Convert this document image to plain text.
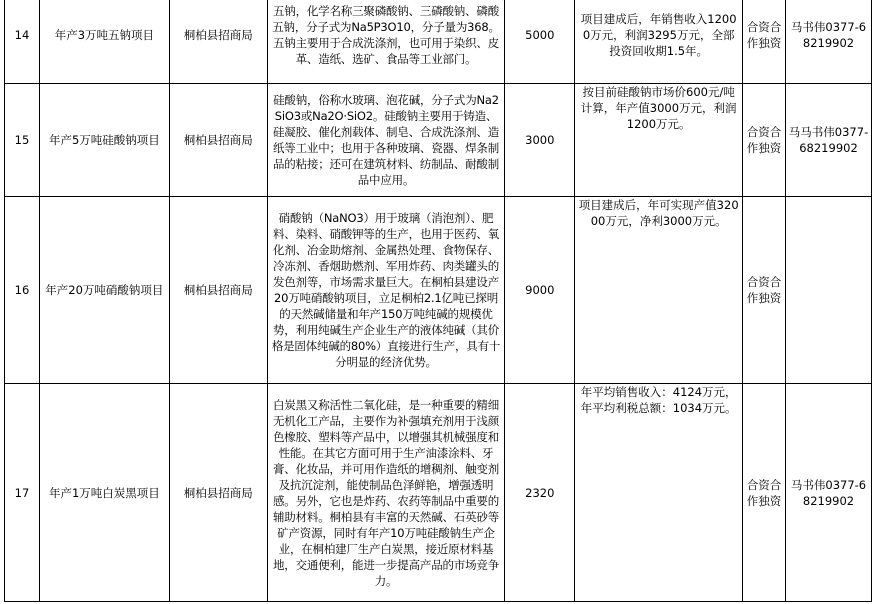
14	年产3万吨五钠项目	桐柏县招商局	五钠，化学名称三聚磷酸钠、三磷酸钠、磷酸五钠，分子式为Na5P3O10，分子量为368。五钠主要用于合成洗涤剂，也可用于染织、皮革、造纸、选矿、食品等工业部门。	5000	项目建成后，年销售收入12000万元，利润3295万元，全部投资回收期1.5年。	合资合作独资	马书伟0377-68219902
15	年产5万吨硅酸钠项目	桐柏县招商局	硅酸钠，俗称水玻璃、泡花碱，分子式为Na2 SiO3或Na2O·SiO2。硅酸钠主要用于铸造、硅凝胶、催化剂载体、制皂、合成洗涤剂、造纸等工业中；也用于各种玻璃、瓷器、焊条制品的粘接；还可在建筑材料、纺制品、耐酸制品中应用。	3000	按目前硅酸钠市场价600元/吨计算，年产值3000万元，利润1200万元。	合资合作独资	马马书伟0377-68219902
16	年产20万吨硝酸钠项目	桐柏县招商局	硝酸钠（NaNO3）用于玻璃（消泡剂）、肥料、染料、硝酸钾等的生产，也用于医药、氧化剂、冶金助熔剂、金属热处理、食物保存、冷冻剂、香烟助燃剂、军用炸药、肉类罐头的发色剂等，市场需求量巨大。在桐柏县建设产20万吨硝酸钠项目，立足桐柏2.1亿吨已探明的天然碱储量和年产150万吨纯碱的规模优势，利用纯碱生产企业生产的液体纯碱（其价格是固体纯碱的80%）直接进行生产，具有十分明显的经济优势。	9000	项目建成后，年可实现产值32000万元，净利3000万元。	合资合作独资	
17	年产1万吨白炭黑项目	桐柏县招商局	白炭黑又称活性二氧化硅，是一种重要的精细无机化工产品，主要作为补强填充剂用于浅颜色橡胶、塑料等产品中，以增强其机械强度和性能。在其它方面可用于生产油漆涂料、牙膏、化妆品，并可用作造纸的增稠剂、触变剂及抗沉淀剂，能使制品色泽鲜艳，增强透明感。另外，它也是炸药、农药等制品中重要的辅助材料。桐柏县有丰富的天然碱、石英砂等矿产资源，同时有年产10万吨硅酸钠生产企业，在桐柏建厂生产白炭黑，接近原材料基地，交通便利，能进一步提高产品的市场竞争力。	2320	年平均销售收入：4124万元，年平均利税总额：1034万元。	合资合作独资	马书伟0377-68219902
